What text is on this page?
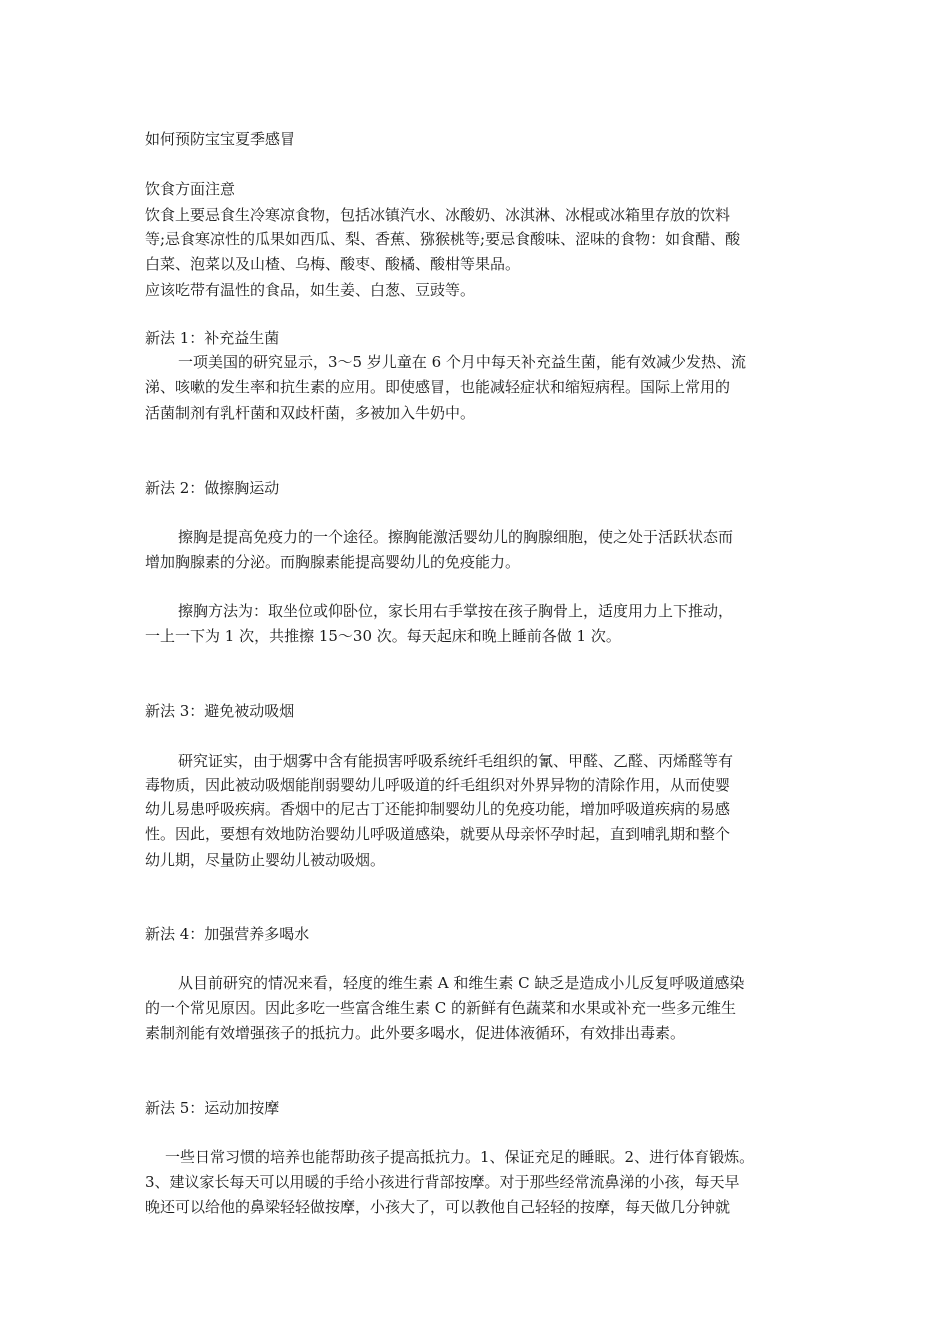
如何预防宝宝夏季感冒
饮食方面注意
饮食上要忌食生冷寒凉食物，包括冰镇汽水、冰酸奶、冰淇淋、冰棍或冰箱里存放的饮料
等;忌食寒凉性的瓜果如西瓜、梨、香蕉、猕猴桃等;要忌食酸味、涩味的食物：如食醋、酸
白菜、泡菜以及山楂、乌梅、酸枣、酸橘、酸柑等果品。
应该吃带有温性的食品，如生姜、白葱、豆豉等。
新法 1：补充益生菌
一项美国的研究显示，3～5 岁儿童在 6 个月中每天补充益生菌，能有效减少发热、流
涕、咳嗽的发生率和抗生素的应用。即使感冒，也能减轻症状和缩短病程。国际上常用的
活菌制剂有乳杆菌和双歧杆菌，多被加入牛奶中。
新法 2：做擦胸运动
擦胸是提高免疫力的一个途径。擦胸能激活婴幼儿的胸腺细胞，使之处于活跃状态而
增加胸腺素的分泌。而胸腺素能提高婴幼儿的免疫能力。
擦胸方法为：取坐位或仰卧位，家长用右手掌按在孩子胸骨上，适度用力上下推动，
一上一下为 1 次，共推擦 15～30 次。每天起床和晚上睡前各做 1 次。
新法 3：避免被动吸烟
研究证实，由于烟雾中含有能损害呼吸系统纤毛组织的氰、甲醛、乙醛、丙烯醛等有
毒物质，因此被动吸烟能削弱婴幼儿呼吸道的纤毛组织对外界异物的清除作用，从而使婴
幼儿易患呼吸疾病。香烟中的尼古丁还能抑制婴幼儿的免疫功能，增加呼吸道疾病的易感
性。因此，要想有效地防治婴幼儿呼吸道感染，就要从母亲怀孕时起，直到哺乳期和整个
幼儿期，尽量防止婴幼儿被动吸烟。
新法 4：加强营养多喝水
从目前研究的情况来看，轻度的维生素 A 和维生素 C 缺乏是造成小儿反复呼吸道感染
的一个常见原因。因此多吃一些富含维生素 C 的新鲜有色蔬菜和水果或补充一些多元维生
素制剂能有效增强孩子的抵抗力。此外要多喝水，促进体液循环，有效排出毒素。
新法 5：运动加按摩
一些日常习惯的培养也能帮助孩子提高抵抗力。1、保证充足的睡眠。2、进行体育锻炼。
3、建议家长每天可以用暖的手给小孩进行背部按摩。对于那些经常流鼻涕的小孩，每天早
晚还可以给他的鼻梁轻轻做按摩，小孩大了，可以教他自己轻轻的按摩，每天做几分钟就
